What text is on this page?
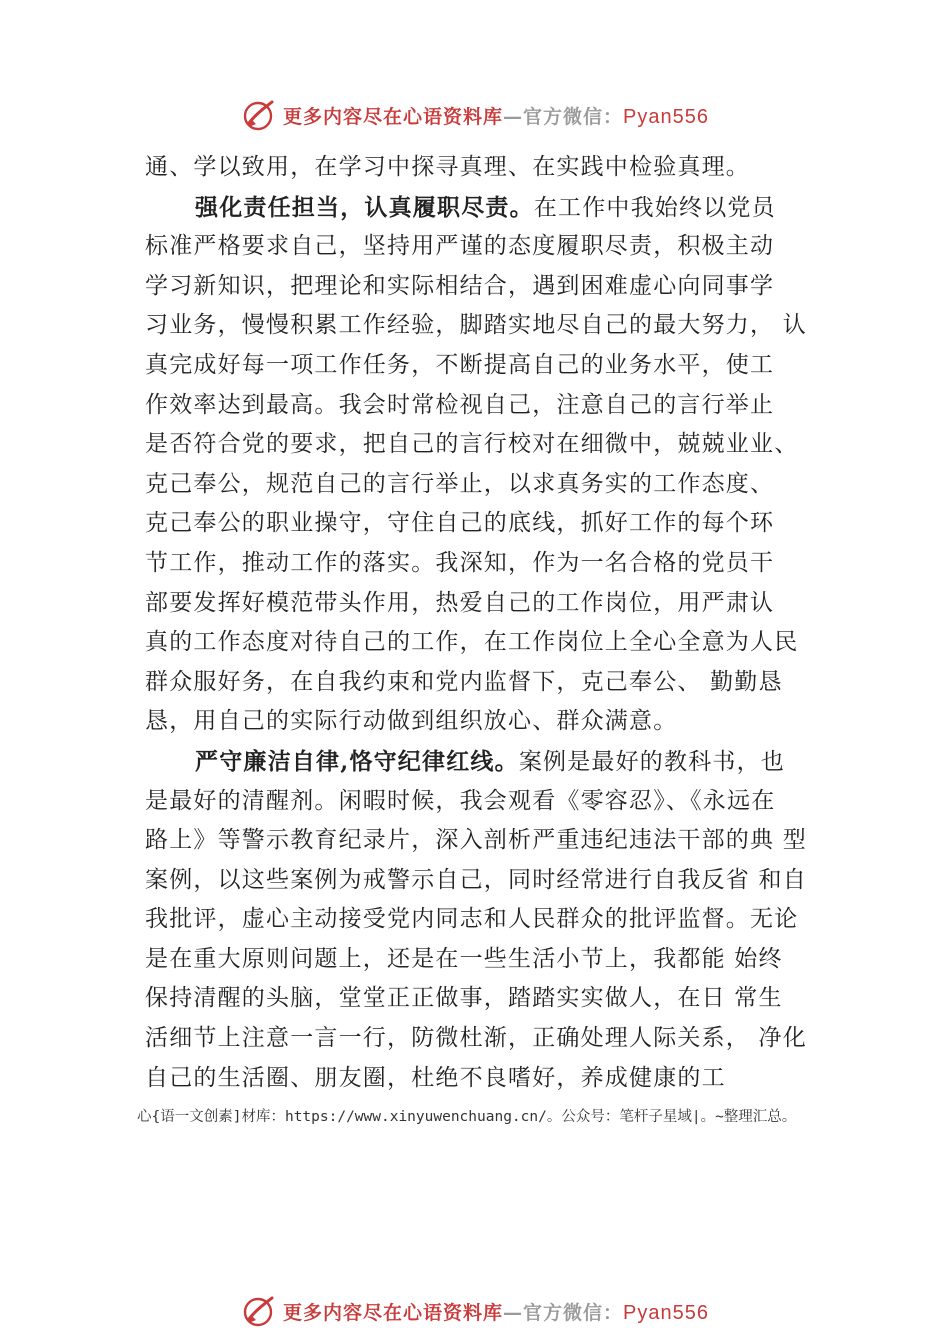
更多内容尽在心语资料库—官方微信：Pyan556
通、学以致用，在学习中探寻真理、在实践中检验真理。
强化责任担当，认真履职尽责。在工作中我始终以党员
标准严格要求自己，坚持用严谨的态度履职尽责，积极主动
学习新知识，把理论和实际相结合，遇到困难虚心向同事学
习业务，慢慢积累工作经验，脚踏实地尽自己的最大努力， 认
真完成好每一项工作任务，不断提高自己的业务水平，使工
作效率达到最高。我会时常检视自己，注意自己的言行举止
是否符合党的要求，把自己的言行校对在细微中，兢兢业业、
克己奉公，规范自己的言行举止，以求真务实的工作态度、
克己奉公的职业操守，守住自己的底线，抓好工作的每个环
节工作，推动工作的落实。我深知，作为一名合格的党员干
部要发挥好模范带头作用，热爱自己的工作岗位，用严肃认
真的工作态度对待自己的工作，在工作岗位上全心全意为人民
群众服好务，在自我约束和党内监督下，克己奉公、 勤勤恳
恳，用自己的实际行动做到组织放心、群众满意。
严守廉洁自律,恪守纪律红线。案例是最好的教科书，也
是最好的清醒剂。闲暇时候，我会观看《零容忍》、《永远在
路上》等警示教育纪录片，深入剖析严重违纪违法干部的典 型
案例，以这些案例为戒警示自己，同时经常进行自我反省 和自
我批评，虚心主动接受党内同志和人民群众的批评监督。无论
是在重大原则问题上，还是在一些生活小节上，我都能 始终
保持清醒的头脑，堂堂正正做事，踏踏实实做人，在日 常生
活细节上注意一言一行，防微杜渐，正确处理人际关系， 净化
自己的生活圈、朋友圈，杜绝不良嗜好，养成健康的工
心{语一文创素]材库：https://www.xinyuwenchuang.cn/。公众号：笔杆子星域|。~整理汇总。
更多内容尽在心语资料库—官方微信：Pyan556
